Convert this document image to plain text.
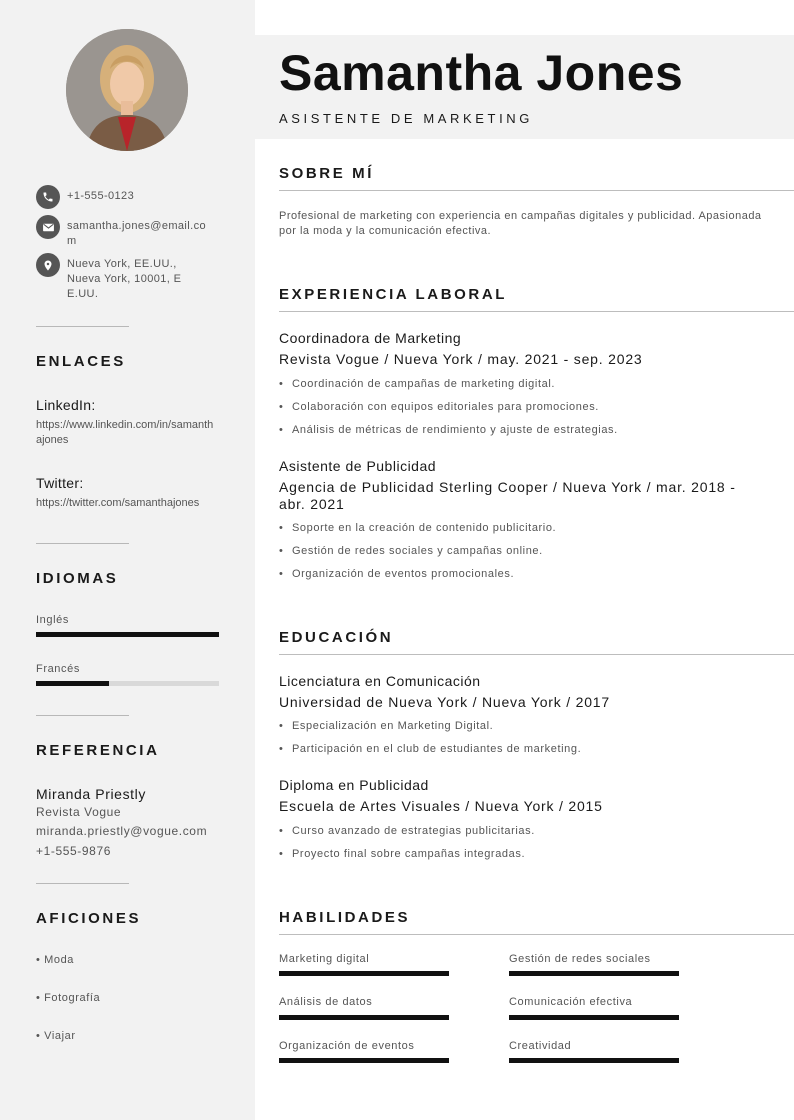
+1-555-0123
samantha.jones@email.com
Nueva York, EE.UU., Nueva York, 10001, EE.UU.
ENLACES
LinkedIn:
https://www.linkedin.com/in/samanthajones
Twitter:
https://twitter.com/samanthajones
IDIOMAS
Inglés
Francés
REFERENCIA
Miranda Priestly
Revista Vogue
miranda.priestly@vogue.com
+1-555-9876
AFICIONES
• Moda
• Fotografía
• Viajar
Samantha Jones
ASISTENTE DE MARKETING
SOBRE MÍ
Profesional de marketing con experiencia en campañas digitales y publicidad. Apasionada por la moda y la comunicación efectiva.
EXPERIENCIA LABORAL
Coordinadora de Marketing
Revista Vogue / Nueva York / may. 2021 - sep. 2023
• Coordinación de campañas de marketing digital.
• Colaboración con equipos editoriales para promociones.
• Análisis de métricas de rendimiento y ajuste de estrategias.
Asistente de Publicidad
Agencia de Publicidad Sterling Cooper / Nueva York / mar. 2018 - abr. 2021
• Soporte en la creación de contenido publicitario.
• Gestión de redes sociales y campañas online.
• Organización de eventos promocionales.
EDUCACIÓN
Licenciatura en Comunicación
Universidad de Nueva York / Nueva York / 2017
• Especialización en Marketing Digital.
• Participación en el club de estudiantes de marketing.
Diploma en Publicidad
Escuela de Artes Visuales / Nueva York / 2015
• Curso avanzado de estrategias publicitarias.
• Proyecto final sobre campañas integradas.
HABILIDADES
Marketing digital	Gestión de redes sociales
Análisis de datos	Comunicación efectiva
Organización de eventos	Creatividad
